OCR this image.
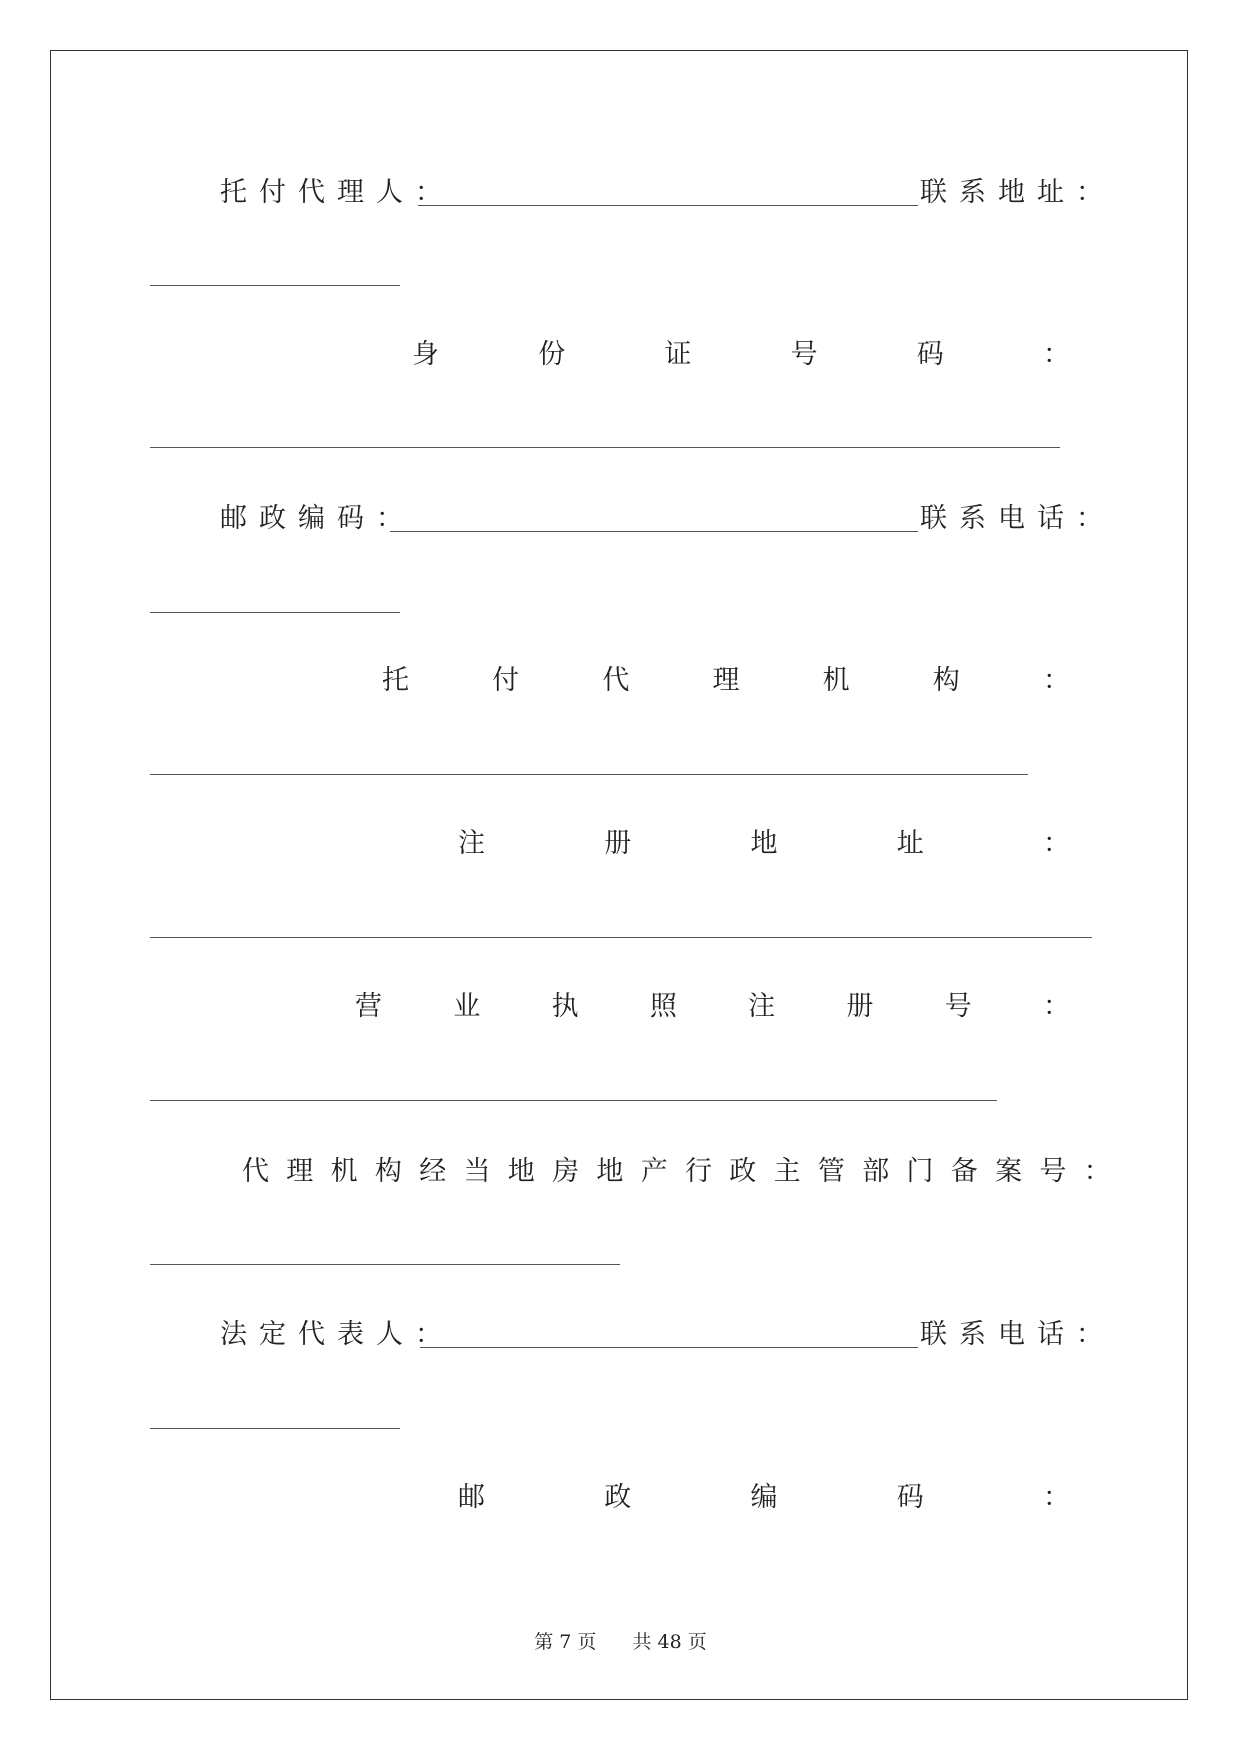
托付代理人：	联系地址：
身	份	证	号	码	：
邮政编码：	联系电话：
托	付	代	理	机	构	：
注	册	地	址	：
营	业	执	照	注	册	号	：
代理机构经当地房地产行政主管部门备案号：
法定代表人：	联系电话：
邮	政	编	码	：
第 7 页 共 48 页
